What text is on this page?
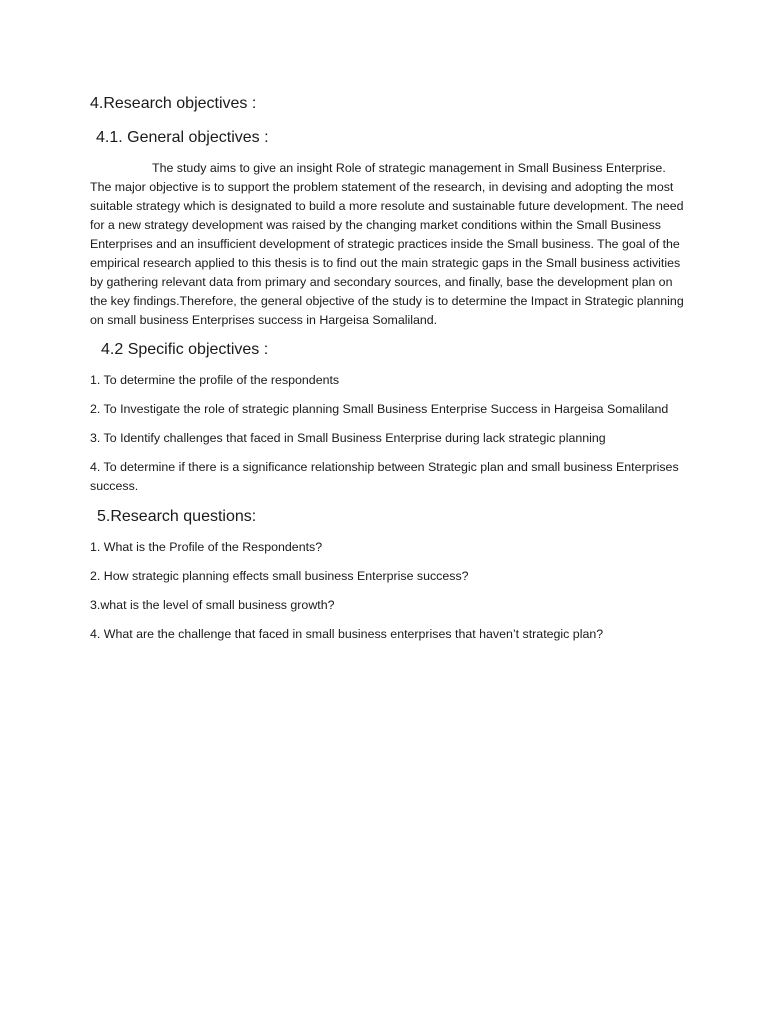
4.Research objectives :
4.1. General objectives :

The study aims to give an insight Role of strategic management in Small Business Enterprise. The major objective is to support the problem statement of the research, in devising and adopting the most suitable strategy which is designated to build a more resolute and sustainable future development. The need for a new strategy development was raised by the changing market conditions within the Small Business Enterprises and an insufficient development of strategic practices inside the Small business. The goal of the empirical research applied to this thesis is to find out the main strategic gaps in the Small business activities by gathering relevant data from primary and secondary sources, and finally, base the development plan on the key findings.Therefore, the general objective of the study is to determine the Impact in Strategic planning on small business Enterprises success in Hargeisa Somaliland.

4.2 Specific objectives :

1. To determine the profile of the respondents

2. To Investigate the role of strategic planning Small Business Enterprise Success in Hargeisa Somaliland

3. To Identify challenges that faced in Small Business Enterprise during lack strategic planning

4. To determine if there is a significance relationship between Strategic plan and small business Enterprises success.

5.Research questions:

1. What is the Profile of the Respondents?

2. How strategic planning effects small business Enterprise success?

3.what is the level of small business growth?

4. What are the challenge that faced in small business enterprises that haven’t strategic plan?
